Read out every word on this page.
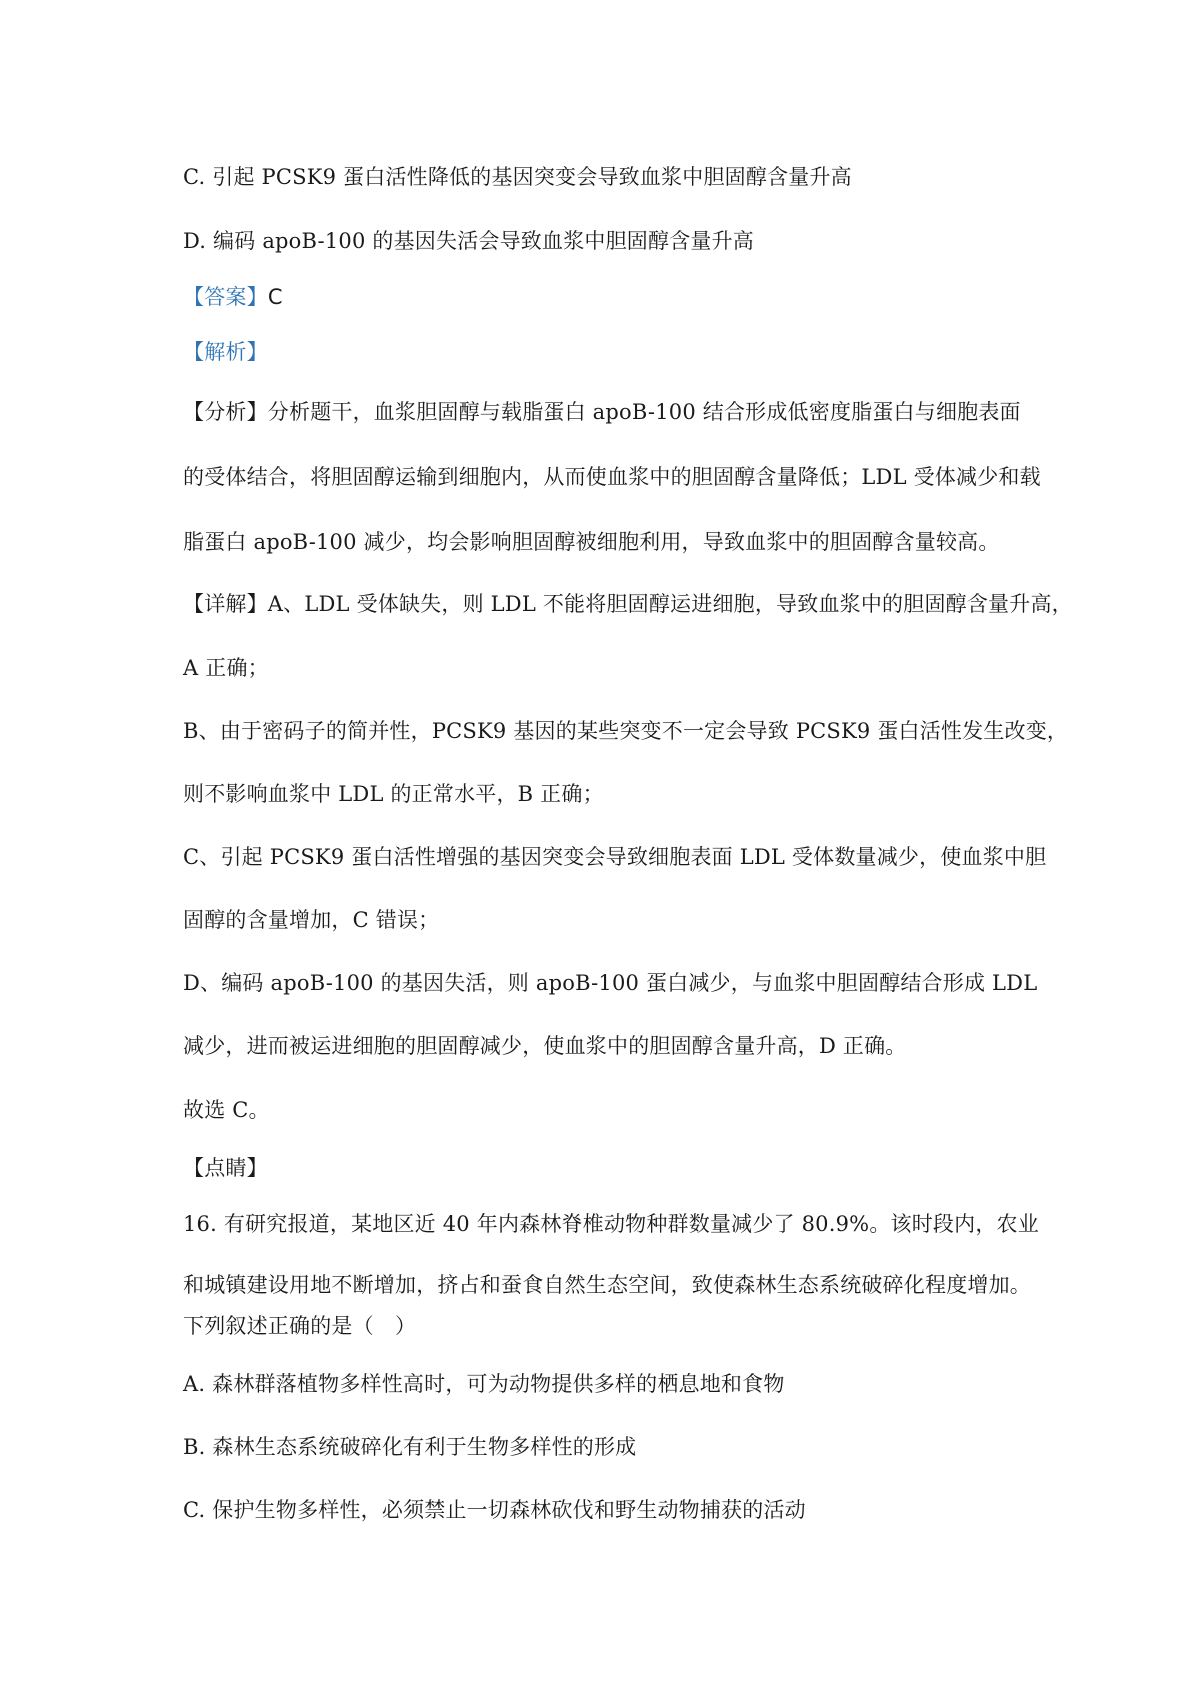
C. 引起 PCSK9 蛋白活性降低的基因突变会导致血浆中胆固醇含量升高
D. 编码 apoB-100 的基因失活会导致血浆中胆固醇含量升高
【答案】C
【解析】
【分析】分析题干，血浆胆固醇与载脂蛋白 apoB-100 结合形成低密度脂蛋白与细胞表面
的受体结合，将胆固醇运输到细胞内，从而使血浆中的胆固醇含量降低；LDL 受体减少和载
脂蛋白 apoB-100 减少，均会影响胆固醇被细胞利用，导致血浆中的胆固醇含量较高。
【详解】A、LDL 受体缺失，则 LDL 不能将胆固醇运进细胞，导致血浆中的胆固醇含量升高，
A 正确；
B、由于密码子的简并性，PCSK9 基因的某些突变不一定会导致 PCSK9 蛋白活性发生改变，
则不影响血浆中 LDL 的正常水平，B 正确；
C、引起 PCSK9 蛋白活性增强的基因突变会导致细胞表面 LDL 受体数量减少，使血浆中胆
固醇的含量增加，C 错误；
D、编码 apoB-100 的基因失活，则 apoB-100 蛋白减少，与血浆中胆固醇结合形成 LDL
减少，进而被运进细胞的胆固醇减少，使血浆中的胆固醇含量升高，D 正确。
故选 C。
【点睛】
16. 有研究报道，某地区近 40 年内森林脊椎动物种群数量减少了 80.9%。该时段内，农业
和城镇建设用地不断增加，挤占和蚕食自然生态空间，致使森林生态系统破碎化程度增加。
下列叙述正确的是（　）
A. 森林群落植物多样性高时，可为动物提供多样的栖息地和食物
B. 森林生态系统破碎化有利于生物多样性的形成
C. 保护生物多样性，必须禁止一切森林砍伐和野生动物捕获的活动
